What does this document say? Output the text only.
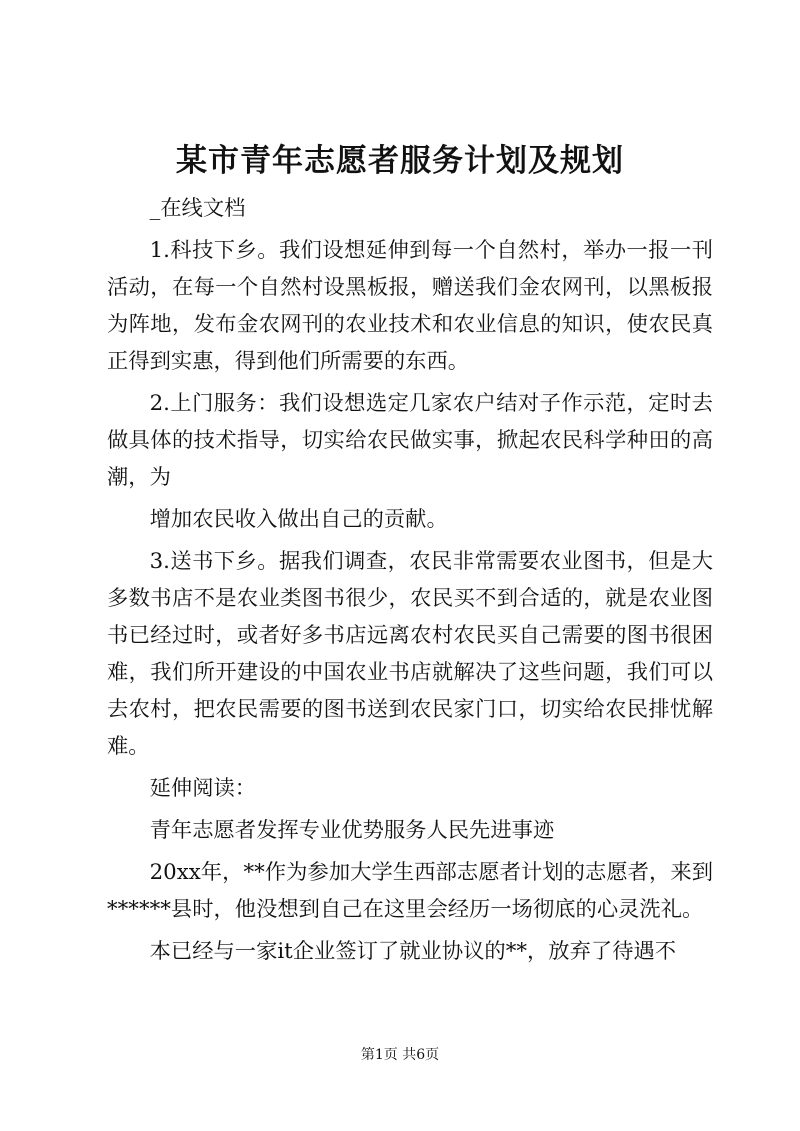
某市青年志愿者服务计划及规划

_在线文档

1.科技下乡。我们设想延伸到每一个自然村，举办一报一刊活动，在每一个自然村设黑板报，赠送我们金农网刊，以黑板报为阵地，发布金农网刊的农业技术和农业信息的知识，使农民真正得到实惠，得到他们所需要的东西。

2.上门服务：我们设想选定几家农户结对子作示范，定时去做具体的技术指导，切实给农民做实事，掀起农民科学种田的高潮，为

增加农民收入做出自己的贡献。

3.送书下乡。据我们调查，农民非常需要农业图书，但是大多数书店不是农业类图书很少，农民买不到合适的，就是农业图书已经过时，或者好多书店远离农村农民买自己需要的图书很困难，我们所开建设的中国农业书店就解决了这些问题，我们可以去农村，把农民需要的图书送到农民家门口，切实给农民排忧解难。

延伸阅读：

青年志愿者发挥专业优势服务人民先进事迹

20xx年，**作为参加大学生西部志愿者计划的志愿者，来到******县时，他没想到自己在这里会经历一场彻底的心灵洗礼。

本已经与一家it企业签订了就业协议的**，放弃了待遇不

第1页 共6页
